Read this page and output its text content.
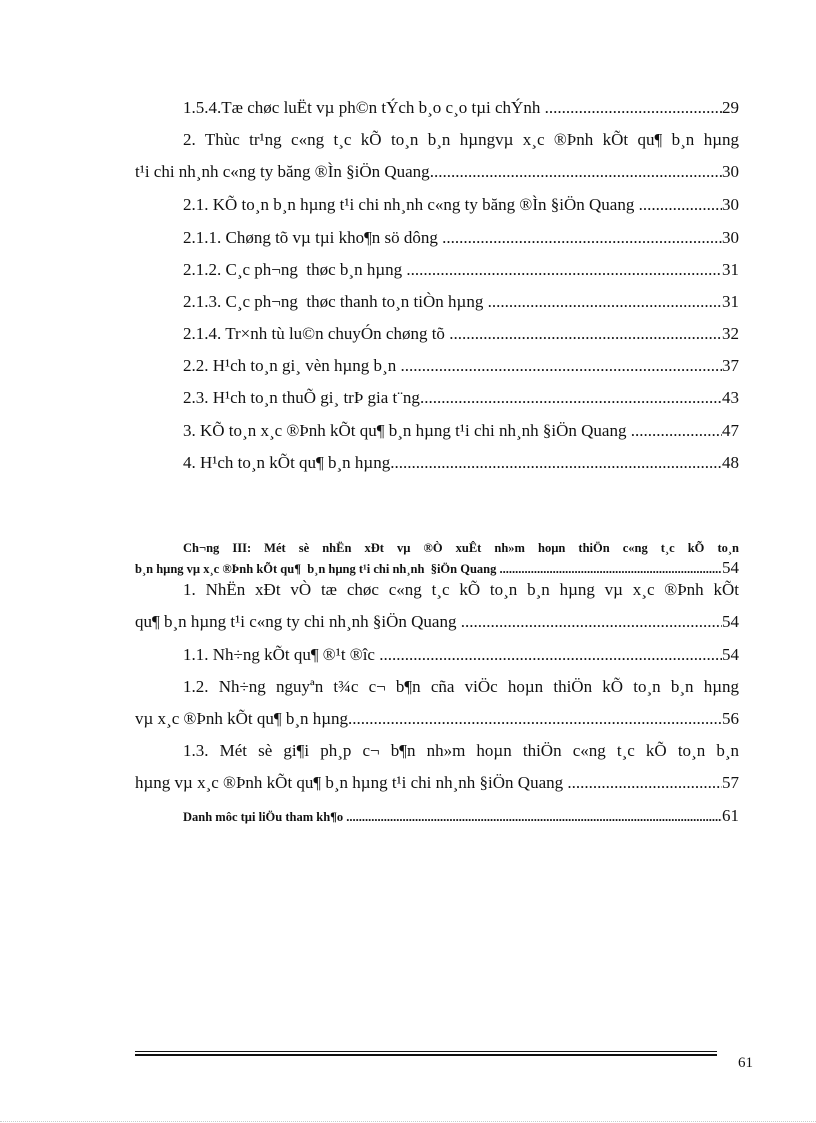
1.5.4.Tæ chøc luËt vµ ph©n tÝch b¸o c¸o tµi chÝnh .....	29
2. Thùc tr¹ng c«ng t¸c kÕ to¸n b¸n hµngvµ x¸c ®Þnh kÕt qu¶ b¸n hµng
t¹i chi nh¸nh c«ng ty băng ®Ìn §iÖn Quang .....	30
2.1. KÕ to¸n b¸n hµng t¹i chi nh¸nh c«ng ty băng ®Ìn §iÖn Quang .....	30
2.1.1. Chøng tõ vµ tµi kho¶n sö dông .....	30
2.1.2. C¸c ph¬ng  thøc b¸n hµng .....	31
2.1.3. C¸c ph¬ng  thøc thanh to¸n tiÒn hµng .....	31
2.1.4. Tr×nh tù lu©n chuyÓn chøng tõ .....	32
2.2. H¹ch to¸n gi¸ vèn hµng b¸n .....	37
2.3. H¹ch to¸n thuÕ gi¸ trÞ gia t¨ng .....	43
3. KÕ to¸n x¸c ®Þnh kÕt qu¶ b¸n hµng t¹i chi nh¸nh §iÖn Quang .....	47
4. H¹ch to¸n kÕt qu¶ b¸n hµng .....	48
Ch¬ng III: Mét sè nhËn xÐt vµ ®Ò xuÊt nh»m hoµn thiÖn c«ng t¸c kÕ to¸n
b¸n hµng vµ x¸c ®Þnh kÕt qu¶  b¸n hµng t¹i chi nh¸nh  §iÖn Quang .....	54
1. NhËn xÐt vÒ tæ chøc c«ng t¸c kÕ to¸n b¸n hµng vµ x¸c ®Þnh kÕt
qu¶ b¸n hµng t¹i c«ng ty chi nh¸nh §iÖn Quang .....	54
1.1. Nh÷ng kÕt qu¶ ®¹t ®îc .....	54
1.2. Nh÷ng nguyªn t¾c c¬ b¶n cña viÖc hoµn thiÖn kÕ to¸n b¸n hµng
vµ x¸c ®Þnh kÕt qu¶ b¸n hµng .....	56
1.3. Mét sè gi¶i ph¸p c¬ b¶n nh»m hoµn thiÖn c«ng t¸c kÕ to¸n b¸n
hµng vµ x¸c ®Þnh kÕt qu¶ b¸n hµng t¹i chi nh¸nh §iÖn Quang .....	57
Danh môc tµi liÖu tham kh¶o .....	61
61
